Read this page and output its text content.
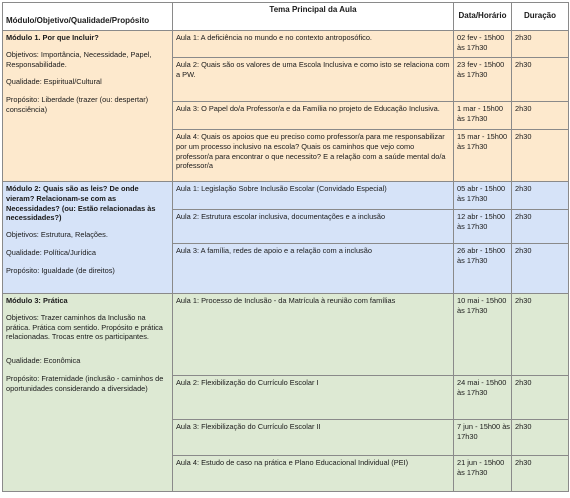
Módulo/Objetivo/Qualidade/Propósito	Tema Principal da Aula	Data/Horário	Duração

Módulo 1. Por que Incluir?

Objetivos: Importância, Necessidade, Papel, Responsabilidade.

Qualidade: Espiritual/Cultural

Propósito: Liberdade (trazer (ou: despertar) consciência)	Aula 1: A deficiência no mundo e no contexto antroposófico.	02 fev - 15h00 às 17h30	2h30
	Aula 2: Quais são os valores de uma Escola Inclusiva e como isto se relaciona com a PW.	23 fev - 15h00 às 17h30	2h30
	Aula 3: O Papel do/a Professor/a e da Família no projeto de Educação Inclusiva.	1 mar - 15h00 às 17h30	2h30
	Aula 4: Quais os apoios que eu preciso como professor/a para me responsabilizar por um processo inclusivo na escola? Quais os caminhos que vejo como professor/a para encontrar o que necessito? E a relação com a saúde mental do/a professor/a	15 mar - 15h00 às 17h30	2h30

Módulo 2: Quais são as leis? De onde vieram? Relacionam-se com as Necessidades? (ou: Estão relacionadas às necessidades?)

Objetivos: Estrutura, Relações.

Qualidade: Política/Jurídica

Propósito: Igualdade (de direitos)	Aula 1: Legislação Sobre Inclusão Escolar (Convidado Especial)	05 abr - 15h00 às 17h30	2h30
	Aula 2: Estrutura escolar inclusiva, documentações e a inclusão	12 abr - 15h00 às 17h30	2h30
	Aula 3: A família, redes de apoio e a relação com a inclusão	26 abr - 15h00 às 17h30	2h30

Módulo 3: Prática

Objetivos: Trazer caminhos da Inclusão na prática. Prática com sentido. Propósito e prática relacionadas. Trocas entre os participantes.

Qualidade: Econômica

Propósito: Fraternidade (inclusão - caminhos de oportunidades considerando a diversidade)	Aula 1: Processo de Inclusão - da Matrícula à reunião com famílias	10 mai - 15h00 às 17h30	2h30
	Aula 2: Flexibilização do Currículo Escolar I	24 mai - 15h00 às 17h30	2h30
	Aula 3: Flexibilização do Currículo Escolar II	7 jun - 15h00 às 17h30	2h30
	Aula 4: Estudo de caso na prática e Plano Educacional Individual (PEI)	21 jun - 15h00 às 17h30	2h30
